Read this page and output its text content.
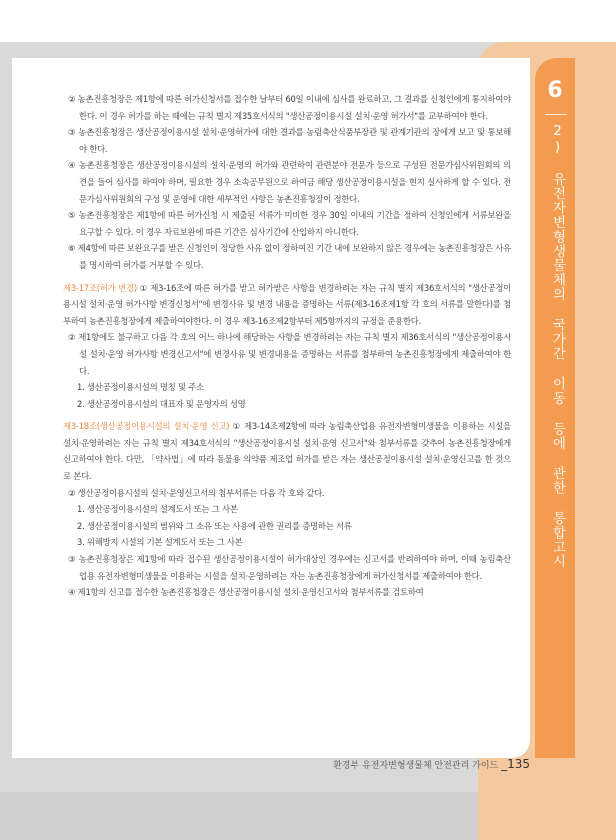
6
2) 유전자변형생물체의 국가간 이동 등에 관한 통합고시

② 농촌진흥청장은 제1항에 따른 허가신청서를 접수한 날부터 60일 이내에 심사를 완료하고, 그 결과를 신청인에게 통지하여야 한다. 이 경우 허가를 하는 때에는 규칙 별지 제35호서식의 "생산공정이용시설 설치·운영 허가서"를 교부하여야 한다.

③ 농촌진흥청장은 생산공정이용시설 설치·운영허가에 대한 결과를 농림축산식품부장관 및 관계기관의 장에게 보고 및 통보해야 한다.

④ 농촌진흥청장은 생산공정이용시설의 설치·운영의 허가와 관련하여 관련분야 전문가 등으로 구성된 전문가심사위원회의 의견을 들어 심사를 하여야 하며, 필요한 경우 소속공무원으로 하여금 해당 생산공정이용시설을 현지 실사하게 할 수 있다. 전문가심사위원회의 구성 및 운영에 대한 세부적인 사항은 농촌진흥청장이 정한다.

⑤ 농촌진흥청장은 제1항에 따른 허가신청 시 제출된 서류가 미비한 경우 30일 이내의 기간을 정하여 신청인에게 서류보완을 요구할 수 있다. 이 경우 자료보완에 따른 기간은 심사기간에 산입하지 아니한다.

⑥ 제4항에 따른 보완요구를 받은 신청인이 정당한 사유 없이 정하여진 기간 내에 보완하지 않은 경우에는 농촌진흥청장은 사유를 명시하여 허가를 거부할 수 있다.

제3-17조(허가 변경) ① 제3-16조에 따른 허가를 받고 허가받은 사항을 변경하려는 자는 규칙 별지 제36호서식의 "생산공정이용시설 설치·운영 허가사항 변경신청서"에 변경사유 및 변경 내용을 증명하는 서류(제3-16조제1항 각 호의 서류를 말한다)를 첨부하여 농촌진흥청장에게 제출하여야한다. 이 경우 제3-16조제2항부터 제5항까지의 규정을 준용한다.

② 제1항에도 불구하고 다음 각 호의 어느 하나에 해당하는 사항을 변경하려는 자는 규칙 별지 제36호서식의 "생산공정이용시설 설치·운영 허가사항 변경신고서"에 변경사유 및 변경내용을 증명하는 서류를 첨부하여 농촌진흥청장에게 제출하여야 한다.

1. 생산공정이용시설의 명칭 및 주소

2. 생산공정이용시설의 대표자 및 운영자의 성명

제3-18조(생산공정이용시설의 설치·운영 신고) ① 제3-14조제2항에 따라 농림축산업용 유전자변형미생물을 이용하는 시설을 설치·운영하려는 자는 규칙 별지 제34호서식의 "생산공정이용시설 설치·운영 신고서"와 첨부서류를 갖추어 농촌진흥청장에게 신고하여야 한다. 다만, 「약사법」에 따라 동물용 의약품 제조업 허가를 받은 자는 생산공정이용시설 설치·운영신고를 한 것으로 본다.

② 생산공정이용시설의 설치·운영신고서의 첨부서류는 다음 각 호와 같다.

1. 생산공정이용시설의 설계도서 또는 그 사본

2. 생산공정이용시설의 범위와 그 소유 또는 사용에 관한 권리를 증명하는 서류

3. 위해방지 시설의 기본 설계도서 또는 그 사본

③ 농촌진흥청장은 제1항에 따라 접수된 생산공정이용시설이 허가대상인 경우에는 신고서를 반려하여야 하며, 이때 농림축산업용 유전자변형미생물을 이용하는 시설을 설치·운영하려는 자는 농촌진흥청장에게 허가신청서를 제출하여야 한다.

④ 제1항의 신고를 접수한 농촌진흥청장은 생산공정이용시설 설치·운영신고서와 첨부서류를 검토하여

환경부 유전자변형생물체 안전관리 가이드 _135
